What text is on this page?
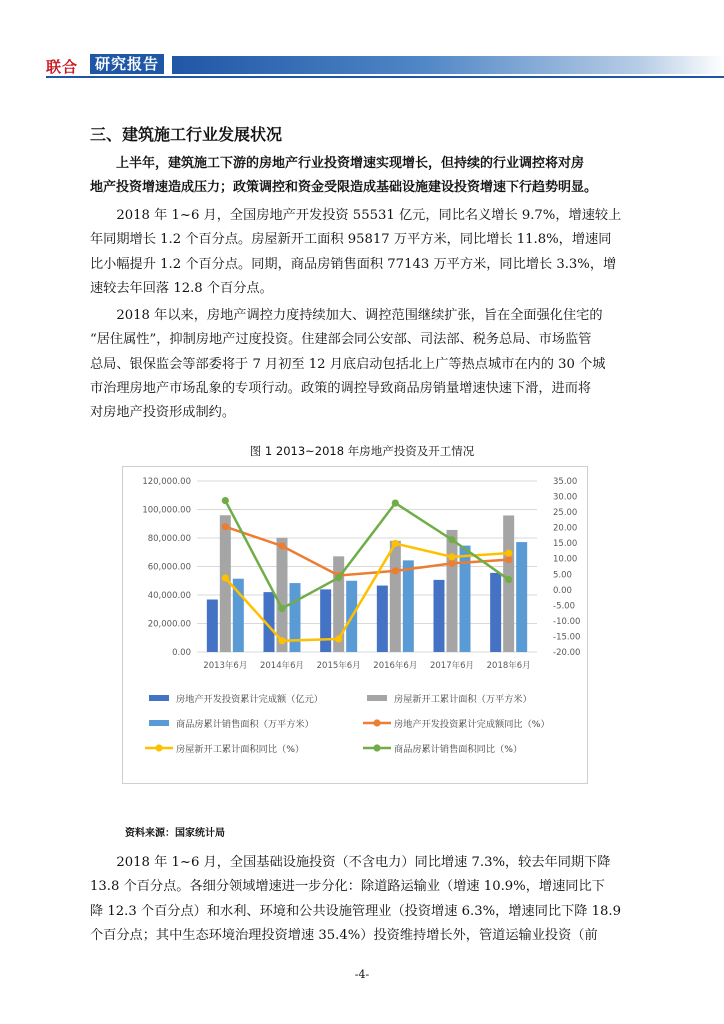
联合	研究报告
三、建筑施工行业发展状况
上半年，建筑施工下游的房地产行业投资增速实现增长，但持续的行业调控将对房
地产投资增速造成压力；政策调控和资金受限造成基础设施建设投资增速下行趋势明显。
2018 年 1~6 月，全国房地产开发投资 55531 亿元，同比名义增长 9.7%，增速较上
年同期增长 1.2 个百分点。房屋新开工面积 95817 万平方米，同比增长 11.8%，增速同
比小幅提升 1.2 个百分点。同期，商品房销售面积 77143 万平方米，同比增长 3.3%，增
速较去年回落 12.8 个百分点。
2018 年以来，房地产调控力度持续加大、调控范围继续扩张，旨在全面强化住宅的
“居住属性”，抑制房地产过度投资。住建部会同公安部、司法部、税务总局、市场监管
总局、银保监会等部委将于 7 月初至 12 月底启动包括北上广等热点城市在内的 30 个城
市治理房地产市场乱象的专项行动。政策的调控导致商品房销量增速快速下滑，进而将
对房地产投资形成制约。
图 1 2013~2018 年房地产投资及开工情况
0.00
20,000.00
40,000.00
60,000.00
80,000.00
100,000.00
120,000.00
-20.00
-15.00
-10.00
-5.00
0.00
5.00
10.00
15.00
20.00
25.00
30.00
35.00
2013年6月 2014年6月 2015年6月 2016年6月 2017年6月 2018年6月
房地产开发投资累计完成额（亿元）	房屋新开工累计面积（万平方米）
商品房累计销售面积（万平方米）	房地产开发投资累计完成额同比（%）
房屋新开工累计面积同比（%）	商品房累计销售面积同比（%）
资料来源：国家统计局
2018 年 1~6 月，全国基础设施投资（不含电力）同比增速 7.3%，较去年同期下降
13.8 个百分点。各细分领域增速进一步分化：除道路运输业（增速 10.9%，增速同比下
降 12.3 个百分点）和水利、环境和公共设施管理业（投资增速 6.3%，增速同比下降 18.9
个百分点；其中生态环境治理投资增速 35.4%）投资维持增长外，管道运输业投资（前
-4-
